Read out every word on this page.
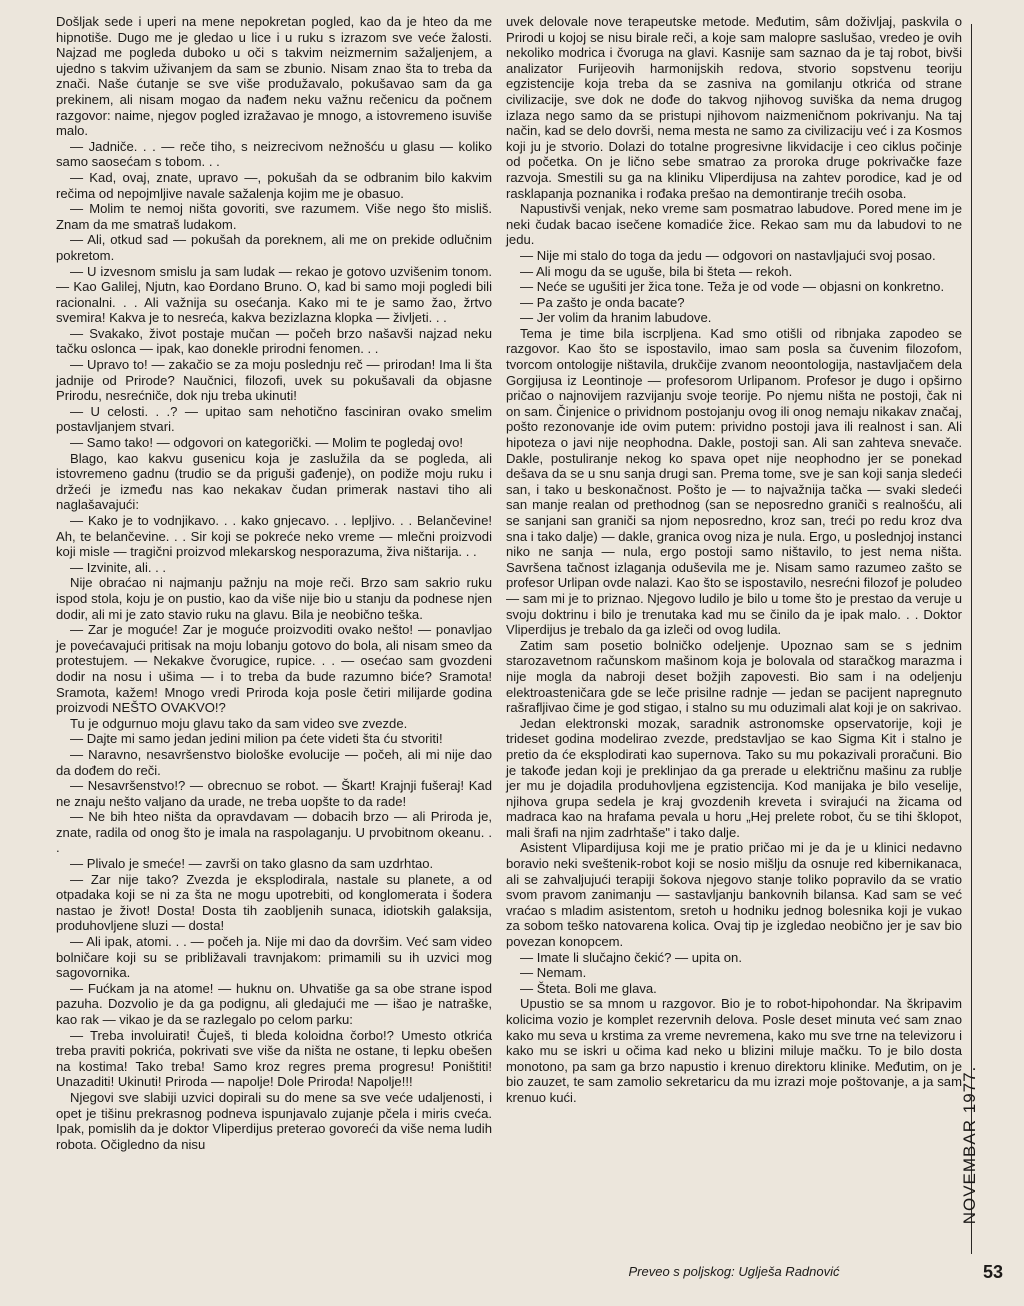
Došljak sede i uperi na mene nepokretan pogled, kao da je hteo da me hipnotiše. Dugo me je gledao u lice i u ruku s izrazom sve veće žalosti. Najzad me pogleda duboko u oči s takvim neizmernim sažaljenjem, a ujedno s takvim uživanjem da sam se zbunio. Nisam znao šta to treba da znači. Naše ćutanje se sve više produžavalo, pokušavao sam da ga prekinem, ali nisam mogao da nađem neku važnu rečenicu da počnem razgovor: naime, njegov pogled izražavao je mnogo, a istovremeno isuviše malo.

— Jadniče. . . — reče tiho, s neizrecivom nežnošću u glasu — koliko samo saosećam s tobom. . .

— Kad, ovaj, znate, upravo —, pokušah da se odbranim bilo kakvim rečima od nepojmljive navale sažalenja kojim me je obasuo.

— Molim te nemoj ništa govoriti, sve razumem. Više nego što misliš. Znam da me smatraš ludakom.

— Ali, otkud sad — pokušah da poreknem, ali me on prekide odlučnim pokretom.

— U izvesnom smislu ja sam ludak — rekao je gotovo uzvišenim tonom. — Kao Galilej, Njutn, kao Đordano Bruno. O, kad bi samo moji pogledi bili racionalni. . . Ali važnija su osećanja. Kako mi te je samo žao, žrtvo svemira! Kakva je to nesreća, kakva bezizlazna klopka — življeti. . .

— Svakako, život postaje mučan — počeh brzo našavši najzad neku tačku oslonca — ipak, kao donekle prirodni fenomen. . .

— Upravo to! — zakačio se za moju poslednju reč — prirodan! Ima li šta jadnije od Prirode? Naučnici, filozofi, uvek su pokušavali da objasne Prirodu, nesrećniče, dok nju treba ukinuti!

— U celosti. . .? — upitao sam nehotično fasciniran ovako smelim postavljanjem stvari.

— Samo tako! — odgovori on kategorički. — Molim te pogledaj ovo!

Blago, kao kakvu gusenicu koja je zaslužila da se pogleda, ali istovremeno gadnu (trudio se da priguši gađenje), on podiže moju ruku i držeći je između nas kao nekakav čudan primerak nastavi tiho ali naglašavajući:

— Kako je to vodnjikavo. . . kako gnjecavo. . . lepljivo. . . Belančevine! Ah, te belančevine. . . Sir koji se pokreće neko vreme — mlečni proizvodi koji misle — tragični proizvod mlekarskog nesporazuma, živa ništarija. . .

— Izvinite, ali. . .

Nije obraćao ni najmanju pažnju na moje reči. Brzo sam sakrio ruku ispod stola, koju je on pustio, kao da više nije bio u stanju da podnese njen dodir, ali mi je zato stavio ruku na glavu. Bila je neobično teška.

— Zar je moguće! Zar je moguće proizvoditi ovako nešto! — ponavljao je povećavajući pritisak na moju lobanju gotovo do bola, ali nisam smeo da protestujem. — Nekakve čvorugice, rupice. . . — osećao sam gvozdeni dodir na nosu i ušima — i to treba da bude razumno biće? Sramota! Sramota, kažem! Mnogo vredi Priroda koja posle četiri milijarde godina proizvodi NEŠTO OVAKVO!?

Tu je odgurnuo moju glavu tako da sam video sve zvezde.

— Dajte mi samo jedan jedini milion pa ćete videti šta ću stvoriti!

— Naravno, nesavršenstvo biološke evolucije — počeh, ali mi nije dao da dođem do reči.

— Nesavršenstvo!? — obrecnuo se robot. — Škart! Krajnji fušeraj! Kad ne znaju nešto valjano da urade, ne treba uopšte to da rade!

— Ne bih hteo ništa da opravdavam — dobacih brzo — ali Priroda je, znate, radila od onog što je imala na raspolaganju. U prvobitnom okeanu. . .

— Plivalo je smeće! — završi on tako glasno da sam uzdrhtao.

— Zar nije tako? Zvezda je eksplodirala, nastale su planete, a od otpadaka koji se ni za šta ne mogu upotrebiti, od konglomerata i šodera nastao je život! Dosta! Dosta tih zaobljenih sunaca, idiotskih galaksija, produhovljene sluzi — dosta!

— Ali ipak, atomi. . . — počeh ja. Nije mi dao da dovršim. Već sam video bolničare koji su se približavali travnjakom: primamili su ih uzvici mog sagovornika.

— Fućkam ja na atome! — huknu on. Uhvatiše ga sa obe strane ispod pazuha. Dozvolio je da ga podignu, ali gledajući me — išao je natraške, kao rak — vikao je da se razlegalo po celom parku:

— Treba involuirati! Čuješ, ti bleda koloidna čorbo!? Umesto otkrića treba praviti pokrića, pokrivati sve više da ništa ne ostane, ti lepku obešen na kostima! Tako treba! Samo kroz regres prema progresu! Poništiti! Unazaditi! Ukinuti! Priroda — napolje! Dole Priroda! Napolje!!!

Njegovi sve slabiji uzvici dopirali su do mene sa sve veće udaljenosti, i opet je tišinu prekrasnog podneva ispunjavalo zujanje pčela i miris cveća. Ipak, pomislih da je doktor Vliperdijus preterao govoreći da više nema ludih robota. Očigledno da nisu

uvek delovale nove terapeutske metode. Međutim, sâm doživljaj, paskvila o Prirodi u kojoj se nisu birale reči, a koje sam malopre saslušao, vredeo je ovih nekoliko modrica i čvoruga na glavi. Kasnije sam saznao da je taj robot, bivši analizator Furijeovih harmonijskih redova, stvorio sopstvenu teoriju egzistencije koja treba da se zasniva na gomilanju otkrića od strane civilizacije, sve dok ne dođe do takvog njihovog suviška da nema drugog izlaza nego samo da se pristupi njihovom naizmeničnom pokrivanju. Na taj način, kad se delo dovrši, nema mesta ne samo za civilizaciju već i za Kosmos koji ju je stvorio. Dolazi do totalne progresivne likvidacije i ceo ciklus počinje od početka. On je lično sebe smatrao za proroka druge pokrivačke faze razvoja. Smestili su ga na kliniku Vliperdijusa na zahtev porodice, kad je od rasklapanja poznanika i rođaka prešao na demontiranje trećih osoba.

Napustivši venjak, neko vreme sam posmatrao labudove. Pored mene im je neki čudak bacao isečene komadiće žice. Rekao sam mu da labudovi to ne jedu.

— Nije mi stalo do toga da jedu — odgovori on nastavljajući svoj posao.

— Ali mogu da se uguše, bila bi šteta — rekoh.

— Neće se ugušiti jer žica tone. Teža je od vode — objasni on konkretno.

— Pa zašto je onda bacate?

— Jer volim da hranim labudove.

Tema je time bila iscrpljena. Kad smo otišli od ribnjaka zapodeo se razgovor. Kao što se ispostavilo, imao sam posla sa čuvenim filozofom, tvorcom ontologije ništavila, drukčije zvanom neoontologija, nastavljačem dela Gorgijusa iz Leontinoje — profesorom Urlipanom. Profesor je dugo i opširno pričao o najnovijem razvijanju svoje teorije. Po njemu ništa ne postoji, čak ni on sam. Činjenice o prividnom postojanju ovog ili onog nemaju nikakav značaj, pošto rezonovanje ide ovim putem: prividno postoji java ili realnost i san. Ali hipoteza o javi nije neophodna. Dakle, postoji san. Ali san zahteva snevače. Dakle, postuliranje nekog ko spava opet nije neophodno jer se ponekad dešava da se u snu sanja drugi san. Prema tome, sve je san koji sanja sledeći san, i tako u beskonačnost. Pošto je — to najvažnija tačka — svaki sledeći san manje realan od prethodnog (san se neposredno graniči s realnošću, ali se sanjani san graniči sa njom neposredno, kroz san, treći po redu kroz dva sna i tako dalje) — dakle, granica ovog niza je nula. Ergo, u poslednjoj instanci niko ne sanja — nula, ergo postoji samo ništavilo, to jest nema ništa. Savršena tačnost izlaganja oduševila me je. Nisam samo razumeo zašto se profesor Urlipan ovde nalazi. Kao što se ispostavilo, nesrećni filozof je poludeo — sam mi je to priznao. Njegovo ludilo je bilo u tome što je prestao da veruje u svoju doktrinu i bilo je trenutaka kad mu se činilo da je ipak malo. . . Doktor Vliperdijus je trebalo da ga izleči od ovog ludila.

Zatim sam posetio bolničko odeljenje. Upoznao sam se s jednim starozavetnom računskom mašinom koja je bolovala od staračkog marazma i nije mogla da nabroji deset božjih zapovesti. Bio sam i na odeljenju elektroasteničara gde se leče prisilne radnje — jedan se pacijent napregnuto rašrafljivao čime je god stigao, i stalno su mu oduzimali alat koji je on sakrivao.

Jedan elektronski mozak, saradnik astronomske opservatorije, koji je trideset godina modelirao zvezde, predstavljao se kao Sigma Kit i stalno je pretio da će eksplodirati kao supernova. Tako su mu pokazivali proračuni. Bio je takođe jedan koji je preklinjao da ga prerade u električnu mašinu za rublje jer mu je dojadila produhovljena egzistencija. Kod manijaka je bilo veselije, njihova grupa sedela je kraj gvozdenih kreveta i svirajući na žicama od madraca kao na hrafama pevala u horu „Hej prelete robot, ču se tihi šklopot, mali šrafi na njim zadrhtaše" i tako dalje.

Asistent Vlipardijusa koji me je pratio pričao mi je da je u klinici nedavno boravio neki sveštenik-robot koji se nosio mišlju da osnuje red kibernikanaca, ali se zahvaljujući terapiji šokova njegovo stanje toliko popravilo da se vratio svom pravom zanimanju — sastavljanju bankovnih bilansa. Kad sam se već vraćao s mladim asistentom, sretoh u hodniku jednog bolesnika koji je vukao za sobom teško natovarena kolica. Ovaj tip je izgledao neobično jer je sav bio povezan konopcem.

— Imate li slučajno čekić? — upita on.

— Nemam.

— Šteta. Boli me glava.

Upustio se sa mnom u razgovor. Bio je to robot-hipohondar. Na škripavim kolicima vozio je komplet rezervnih delova. Posle deset minuta već sam znao kako mu seva u krstima za vreme nevremena, kako mu sve trne na televizoru i kako mu se iskri u očima kad neko u blizini miluje mačku. To je bilo dosta monotono, pa sam ga brzo napustio i krenuo direktoru klinike. Međutim, on je bio zauzet, te sam zamolio sekretaricu da mu izrazi moje poštovanje, a ja sam krenuo kući.

Preveo s poljskog: Uglješa Radnović
NOVEMBAR 1977.
53
